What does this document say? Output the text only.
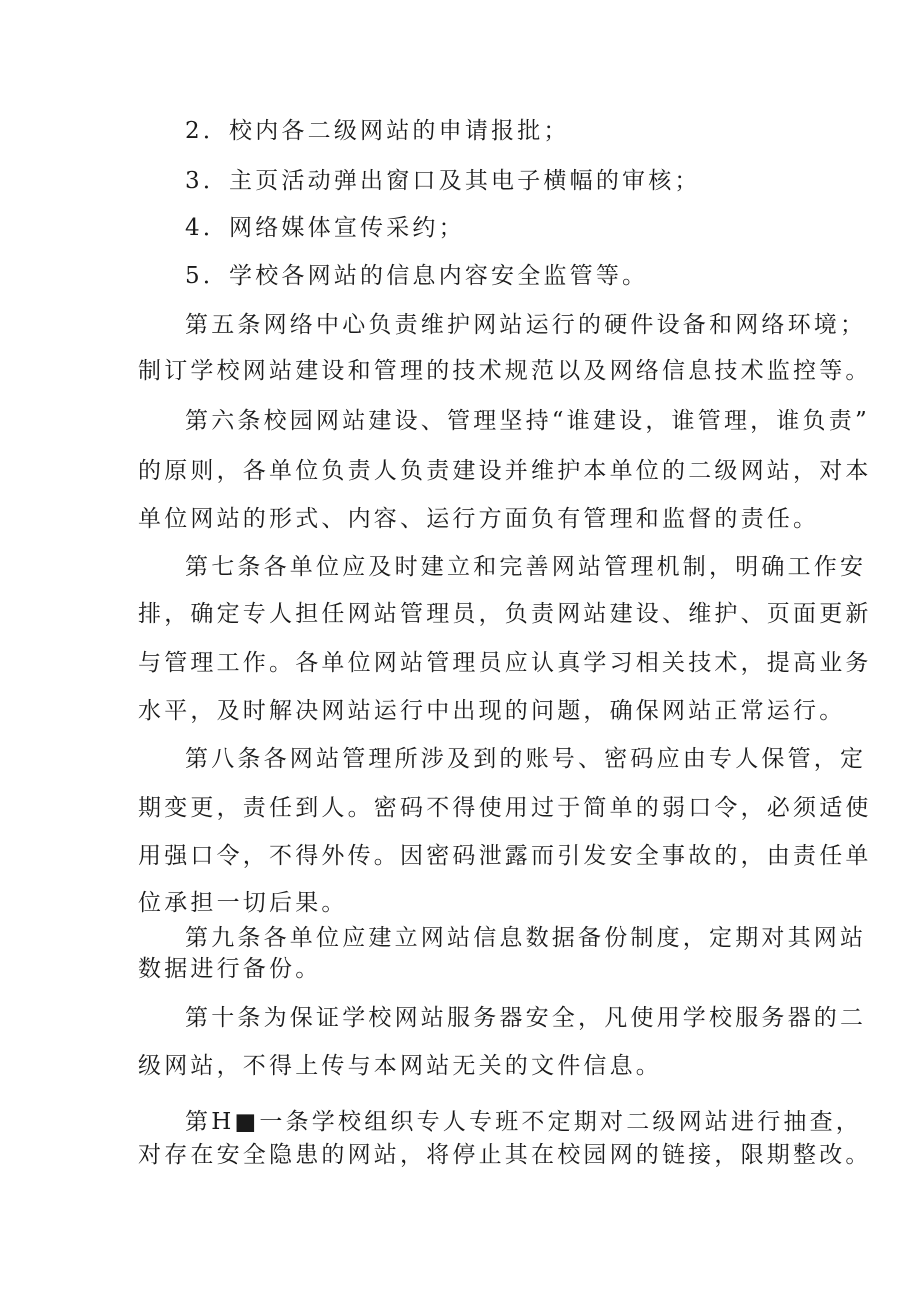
2．校内各二级网站的申请报批；
3．主页活动弹出窗口及其电子横幅的审核；
4．网络媒体宣传采约；
5．学校各网站的信息内容安全监管等。
第五条网络中心负责维护网站运行的硬件设备和网络环境；
制订学校网站建设和管理的技术规范以及网络信息技术监控等。
第六条校园网站建设、管理坚持“谁建设，谁管理，谁负责”
的原则，各单位负责人负责建设并维护本单位的二级网站，对本
单位网站的形式、内容、运行方面负有管理和监督的责任。
第七条各单位应及时建立和完善网站管理机制，明确工作安
排，确定专人担任网站管理员，负责网站建设、维护、页面更新
与管理工作。各单位网站管理员应认真学习相关技术，提高业务
水平，及时解决网站运行中出现的问题，确保网站正常运行。
第八条各网站管理所涉及到的账号、密码应由专人保管，定
期变更，责任到人。密码不得使用过于简单的弱口令，必须适使
用强口令，不得外传。因密码泄露而引发安全事故的，由责任单
位承担一切后果。
第九条各单位应建立网站信息数据备份制度，定期对其网站
数据进行备份。
第十条为保证学校网站服务器安全，凡使用学校服务器的二
级网站，不得上传与本网站无关的文件信息。
第H■一条学校组织专人专班不定期对二级网站进行抽查，
对存在安全隐患的网站，将停止其在校园网的链接，限期整改。
